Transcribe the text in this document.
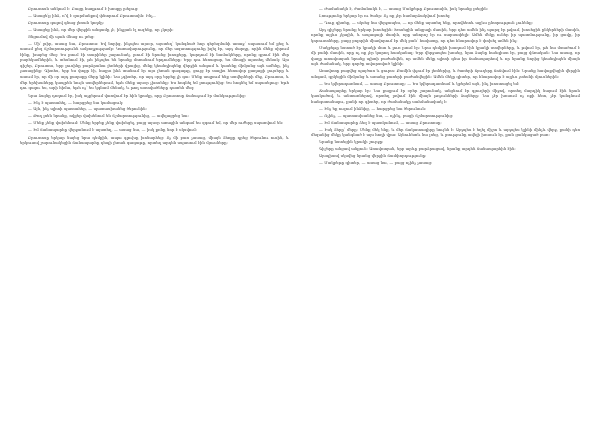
Բրուտոսն անկում է: Բացը հաղթում է խոսքը լսելուց։

— Ասացե՛ք ինձ, ո՞վ է զարմանքով փնտրում Բրուտոսին։ Ինչ...

Բրուտոսը գալով գնաց լեռան կողմը։

— Ասացեք ինձ, որ մեր վերջին անգամը չէ, ինչքան էլ ուզենք, որ չկորի։

Ցնցումով մի պահ մնաց ու լռեց։

— Մի՛ լսիր, ասաց նա, Բրուտոս։ Եվ նորից, ինչպես այսօր, այստեղ՝ կանգնած հոր գերեզմանի առաջ՝ սպասում եմ քեզ և ասում քեզ ճշմարտությունն ամբողջությամբ։ Կառավարությունը, որ մեր ազատությունը խլել էր, այդ մարդը, որին մենք սիրում էինք, խաբեց մեզ։ Ես լռում էի տարիներ շարունակ, լսում էի նրանց խոսքերը, կարդում էի նամակները, որոնք գրում էին մեր բարեկամներին, և տեսնում էի, թե ինչպես են նրանք մոռանում երդումները։ Երբ դու հեռացար, ես մնացի այստեղ մենակ։ Այս գիշեր, Բրուտոս, երբ լուսինը բարձրանա լեռների վրայից, մենք կհանդիպենք վերջին անգամ և կասենք միմյանց այն ամենը, ինչ չասացինք։ Գիտես, երբ ես փոքր էի, հայրս ինձ տանում էր այս լեռան գագաթը, ցույց էր տալիս հեռավոր քաղաքի լույսերը և ասում էր, որ մի օր այդ քաղաքը մերը կլինի։ Նա չգիտեր, որ այդ օրը երբեք չի գա։ Մենք ապրում ենք ստվերների մեջ, Բրուտոս, և մեր երեխաները կապրեն նույն ստվերներում, եթե մենք այսօր չխոսենք։ Ես հոգնել եմ լռությունից։ Ես հոգնել եմ սպասելուց։ Եթե դու գալու ես, արի հիմա, եթե ոչ՝ ես կգնամ մենակ, և թող աստվածները դատեն մեզ։

Նրա ձայնը դողում էր, իսկ աչքերում վառվում էր հին կրակը, որը Բրուտոսը ճանաչում էր մանկությունից։

— Ինչ է պատահել, — հարցրեց նա կամացուկ։

— Այն, ինչ պիտի պատահեր, — պատասխանեց ծերունին։

— Թող լռեն նրանք, ովքեր վախենում են ճշմարտությունից, — ավելացրեց նա։

— Մենք չենք վախենում։ Մենք երբեք չենք վախեցել, բայց այսօր առաջին անգամ ես զգում եմ, որ մեր ուժերը սպառվում են։

— Իմ ճանապարհը վերջանում է այստեղ, — ասաց նա, — իսկ քոնը նոր է սկսվում։

Բրուտոսը երկար նայեց նրա դեմքին, ապա գլուխը խոնարհեց։ Ոչ մի բառ չասաց, միայն ձեռքը դրեց ծերունու ուսին, և երկուսով շարունակեցին ճանապարհը դեպի լեռան գագաթը, որտեղ արդեն սպասում էին մյուսները։

— Ժամանակն է, ժամանակն է, — ասաց Մակբեթը Բրուտոսին, իսկ նրանք լռեցին։

Լռությունը երկար էր ու ծանր։ Ոչ ոք չէր համարձակվում խոսել։

— Դուք գիտեք, — սկսեց նա վերջապես, — որ մենք այստեղ ենք, որովհետև այլևս ընտրություն չունենք։

Այդ գիշերը նրանք երկար խոսեցին։ Խոսեցին անցյալի մասին, երբ դեռ ամեն ինչ պարզ էր թվում, խոսեցին ընկերների մասին, որոնք այլևս չկային, և ապագայի մասին, որը անորոշ էր ու սարսափելի։ Ամեն մեկը ուներ իր պատմությունը, իր ցավը, իր կորուստները, բայց բոլորին միավորում էր մեկ բան՝ հավատը, որ դեռ հնարավոր է փոխել ամեն ինչ։

Մակբեթը նստած էր կրակի մոտ և լուռ լսում էր։ Նրա դեմքին խաղում էին կրակի ստվերները, և թվում էր, թե նա մտածում է մի բանի մասին, որը ոչ ոք չէր կարող հասկանալ։ Երբ վերջապես խոսեց, նրա ձայնը հանգիստ էր, բայց վճռական։ Նա ասաց, որ վաղը առավոտյան նրանք պիտի բաժանվեն, որ ամեն մեկը պիտի գնա իր ճանապարհով և որ նրանք նորից կհանդիպեն միայն այն ժամանակ, երբ գործը ավարտված կլինի։

Առավոտը բացվեց պայծառ և ցուրտ։ Քամին փչում էր լեռներից, և ծառերի ճյուղերը ճոճվում էին։ Նրանք հավաքվեցին վերջին անգամ, գրկեցին միմյանց և առանց բառերի բաժանվեցին։ Ամեն մեկը գիտեր, որ հնարավոր է այլևս չտեսնի մյուսներին։

— Ես կվերադառնամ, — ասաց Բրուտոսը։ — Ես կվերադառնամ և կբերեմ այն, ինչ խոստացել եմ։

Ճանապարհը երկար էր։ Նա քայլում էր օրեր շարունակ, անցնում էր գյուղերի միջով, որտեղ մարդիկ նայում էին նրան կասկածով, և անտառներով, որտեղ լսվում էին միայն թռչունների ձայները։ Նա չէր խոսում ոչ ոքի հետ, չէր կանգնում հանգստանալու, քանի որ գիտեր, որ ժամանակը սահմանափակ է։

— Ինչ եք ուզում ինձնից, — հարցրեց նա ծերունուն։

— Ոչինչ, — պատասխանեց նա, — ոչինչ, բացի ճշմարտությունից։

— Իմ ճանապարհը ձեզ է պատկանում, — ասաց Բրուտոսը։

— Իսկ ձերը՝ մերը։ Մենք մեկ ենք, և մեր ճակատագիրը նույնն է։ Այդպես է եղել միշտ և այդպես կլինի մինչև վերջ, քանի դեռ մեզանից մեկը կանգնած է այս հողի վրա։ Այնուհետև նա լռեց, և լռությունը ավելի խոսուն էր, քան ցանկացած բառ։

Նրանք նստեցին կրակի շուրջը։

Գիշերը անցավ անքուն։ Առավոտյան, երբ արևը բարձրացավ, նրանք արդեն ճանապարհին էին։

Այսպիսով սկսվեց նրանց վերջին ճամփորդությունը։

— Մակբեթը գիտեր, — ասաց նա, — բայց ոչինչ չասաց։
